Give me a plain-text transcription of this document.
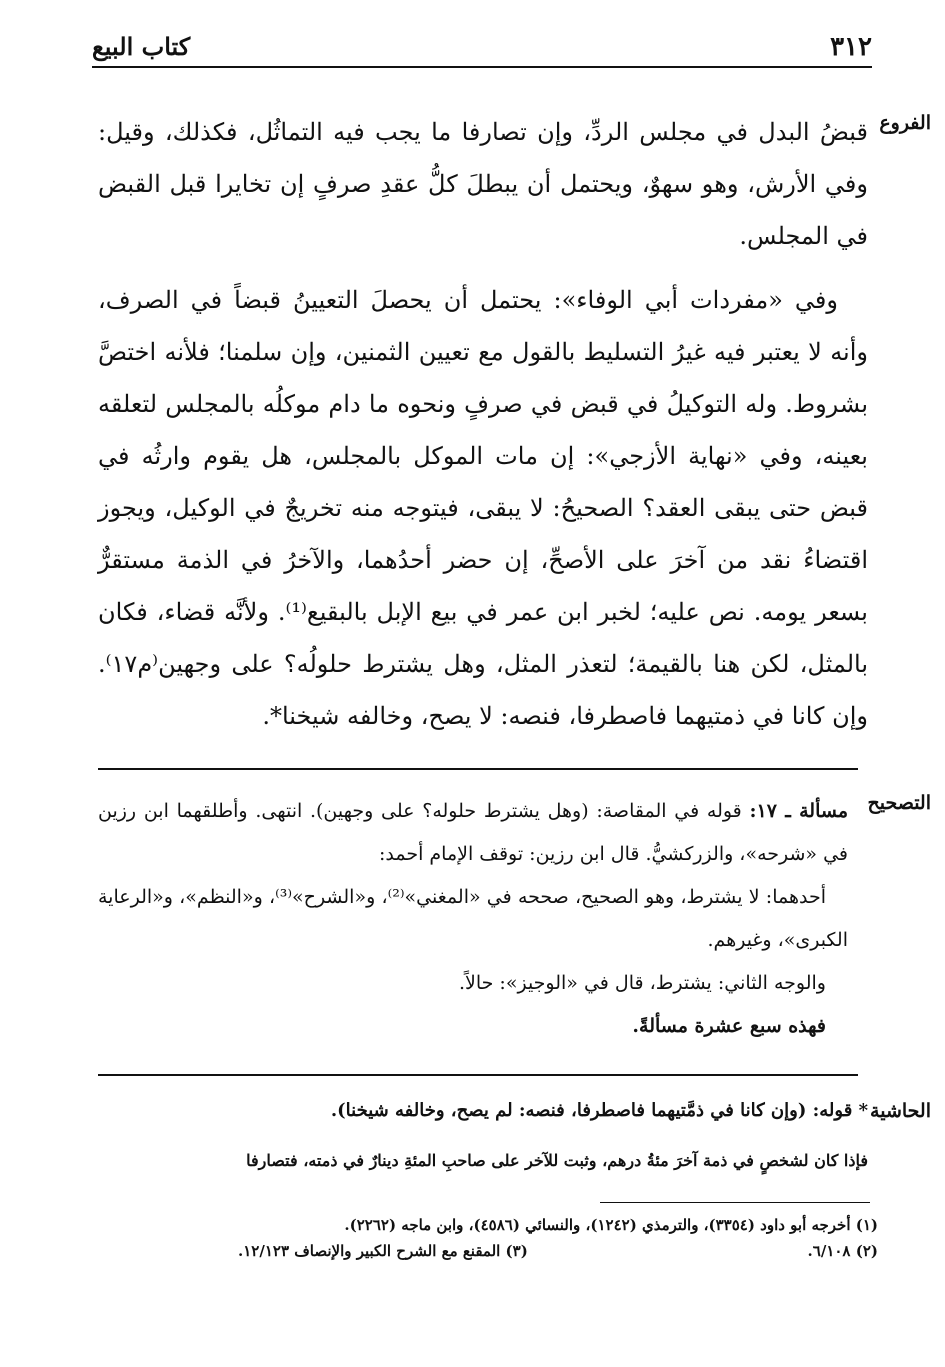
٣١٢
كتاب البيع
الفروع

قبضُ البدل في مجلس الردِّ، وإن تصارفا ما يجب فيه التماثُل، فكذلك، وقيل: وفي الأرش، وهو سهوٌ، ويحتمل أن يبطلَ كلُّ عقدِ صرفٍ إن تخايرا قبل القبض في المجلس.

وفي «مفردات أبي الوفاء»: يحتمل أن يحصلَ التعيينُ قبضاً في الصرف، وأنه لا يعتبر فيه غيرُ التسليط بالقول مع تعيين الثمنين، وإن سلمنا؛ فلأنه اختصَّ بشروط. وله التوكيلُ في قبض في صرفٍ ونحوه ما دام موكلُه بالمجلس لتعلقه بعينه، وفي «نهاية الأزجي»: إن مات الموكل بالمجلس، هل يقوم وارثُه في قبض حتى يبقى العقد؟ الصحيحُ: لا يبقى، فيتوجه منه تخريجٌ في الوكيل، ويجوز اقتضاءُ نقد من آخرَ على الأصحِّ، إن حضر أحدُهما، والآخرُ في الذمة مستقرٌّ بسعر يومه. نص عليه؛ لخبر ابن عمر في بيع الإبل بالبقيع⁽¹⁾. ولأنَّه قضاء، فكان بالمثل، لكن هنا بالقيمة؛ لتعذر المثل، وهل يشترط حلولُه؟ على وجهين⁽م١٧⁾. وإن كانا في ذمتيهما فاصطرفا، فنصه: لا يصح، وخالفه شيخنا*.

التصحيح

مسألة ـ ١٧: قوله في المقاصة: (وهل يشترط حلوله؟ على وجهين). انتهى. وأطلقهما ابن رزين في «شرحه»، والزركشيُّ. قال ابن رزين: توقف الإمام أحمد:

أحدهما: لا يشترط، وهو الصحيح، صححه في «المغني»⁽²⁾، و«الشرح»⁽³⁾، و«النظم»، و«الرعاية الكبرى»، وغيرهم.

والوجه الثاني: يشترط، قال في «الوجيز»: حالاً.

فهذه سبع عشرة مسألةً.

الحاشية

* قوله: (وإن كانا في ذمَّتيهما فاصطرفا، فنصه: لم يصح، وخالفه شيخنا).

فإذا كان لشخصٍ في ذمة آخرَ مئةُ درهم، وثبت للآخر على صاحبِ المئةِ دينارٌ في ذمته، فتصارفا

(١) أخرجه أبو داود (٣٣٥٤)، والترمذي (١٢٤٢)، والنسائي (٤٥٨٦)، وابن ماجه (٢٢٦٢).

(٢) ٦/١٠٨.
(٣) المقنع مع الشرح الكبير والإنصاف ١٢/١٢٣.
